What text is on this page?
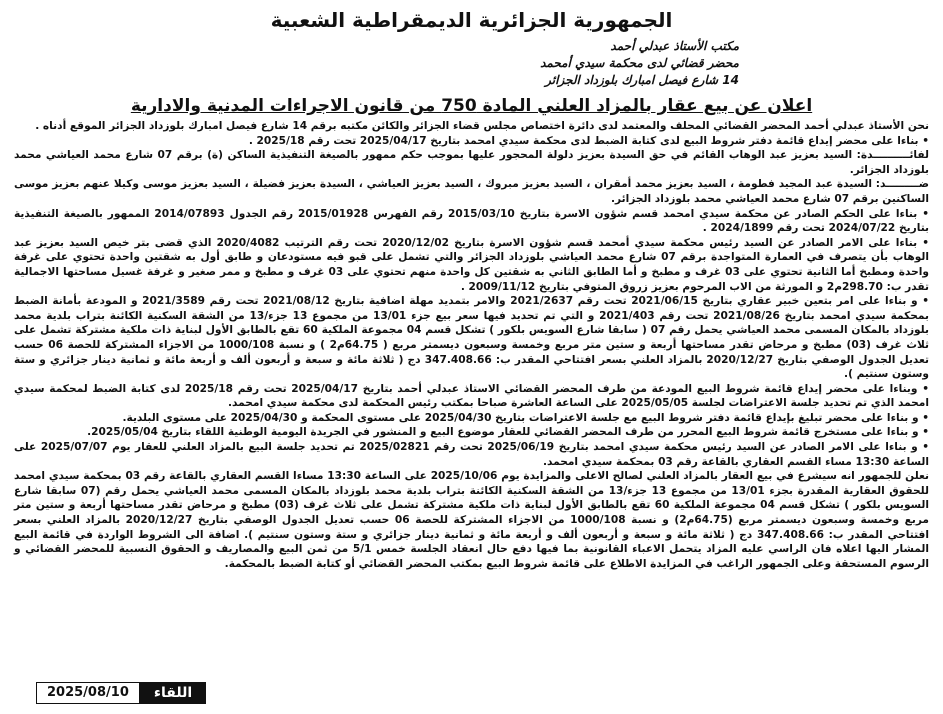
الجمهورية الجزائرية الديمقراطية الشعبية
مكتب الأستاذ عبدلي أحمد
محضر قضائي لدى محكمة سيدي أمحمد
14 شارع فيصل امبارك بلوزداد الجزائر
اعلان عن بيع عقار بالمزاد العلني المادة 750 من قانون الاجراءات المدنية والادارية

نحن الأستاذ عبدلي أحمد المحضر القضائي المحلف والمعتمد لدى دائرة اختصاص مجلس قضاء الجزائر والكائن مكتبه برقم 14 شارع فيصل امبارك بلوزداد الجزائر الموقع أدناه .

• بناءا على محضر إيداع قائمة دفتر شروط البيع لدى كتابة الضبط لدى محكمة سيدي امحمد بتاريخ 2025/04/17 تحت رقم 2025/18 .

لفائــــــــــدة: السيد بعزيز عبد الوهاب القائم في حق السيدة بعزيز دلولة المحجور عليها بموجب حكم ممهور بالصيغة التنفيذية الساكن (ة) برقم 07 شارع محمد العياشي محمد بلوزداد الجزائر.

ضـــــــــد: السيدة عبد المجيد فطومة ، السيد بعزيز محمد أمقران ، السيد بعزيز مبروك ، السيد بعزيز العياشي ، السيدة بعزيز فضيلة ، السيد بعزيز موسى وكيلا عنهم بعزيز موسى الساكنين برقم 07 شارع محمد العياشي محمد بلوزداد الجزائر.

• بناءا على الحكم الصادر عن محكمة سيدي امحمد قسم شؤون الاسرة بتاريخ 2015/03/10 رقم الفهرس 2015/01928 رقم الجدول 2014/07893 الممهور بالصيغة التنفيذية بتاريخ 2024/07/22 تحت رقم 2024/1899 .

• بناءا على الامر الصادر عن السيد رئيس محكمة سيدي أمحمد قسم شؤون الاسرة بتاريخ 2020/12/02 تحت رقم الترتيب 2020/4082 الذي قضى بتر خيص السيد بعزيز عبد الوهاب بأن يتصرف في العمارة المتواجدة برقم 07 شارع محمد العياشي بلوزداد الجزائر والتي تشمل على قبو فيه مستودعان و طابق أول به شقتين واحدة تحتوي على غرفة واحدة ومطبخ أما الثانية تحتوي على 03 غرف و مطبخ و أما الطابق الثاني به شقتين كل واحدة منهم تحتوي على 03 غرف و مطبخ و ممر صغير و غرفة غسيل مساحتها الاجمالية تقدر ب: 298.70م2 و المورثة من الاب المرحوم بعزيز زروق المتوفي بتاريخ 2009/11/12 .

• و بناءا على امر بتعين خبير عقاري بتاريخ 2021/06/15 تحت رقم 2021/2637 والامر بتمديد مهلة اضافية بتاريخ 2021/08/12 تحت رقم 2021/3589 و المودعة بأمانة الضبط بمحكمة سيدي امحمد بتاريخ 2021/08/26 تحت رقم 2021/403 و التي تم تحديد فيها سعر بيع جزء 13/01 من مجموع 13 جزء/13 من الشقة السكنية الكائنة بتراب بلدية محمد بلوزداد بالمكان المسمى محمد العياشي يحمل رقم 07 ( سابقا شارع السويس بلكور ) تشكل قسم 04 مجموعة الملكية 60 تقع بالطابق الأول لبناية ذات ملكية مشتركة تشمل على ثلاث غرف (03) مطبخ و مرحاض تقدر مساحتها أربعة و ستين متر مربع وخمسة وسبعون ديسمتر مربع ( 64.75م2 ) و نسبة 1000/108 من الاجزاء المشتركة للحصة 06 حسب تعديل الجدول الوصفي بتاريخ 2020/12/27 بالمزاد العلني بسعر افتتاحي المقدر ب: 347.408.66 دج ( ثلاثة مائة و سبعة و أربعون ألف و أربعة مائة و ثمانية دينار جزائري و ستة وستون سنتيم ).

• وبناءا على محضر إيداع قائمة شروط البيع المودعة من طرف المحضر القضائي الاستاذ عبدلي أحمد بتاريخ 2025/04/17 تحت رقم 2025/18 لدى كتابة الضبط لمحكمة سيدي امحمد الذي تم تحديد جلسة الاعتراضات لجلسة 2025/05/05 على الساعة العاشرة صباحا بمكتب رئيس المحكمة لدى محكمة سيدي امحمد.

• و بناءا على محضر تبليغ بإيداع قائمة دفتر شروط البيع مع جلسة الاعتراضات بتاريخ 2025/04/30 على مستوى المحكمة و 2025/04/30 على مستوى البلدية.

• و بناءا على مستخرج قائمة شروط البيع المحرر من طرف المحضر القضائي للعقار موضوع البيع و المنشور في الجريدة اليومية الوطنية اللقاء بتاريخ 2025/05/04.

• و بناءا على الامر الصادر عن السيد رئيس محكمة سيدي امحمد بتاريخ 2025/06/19 تحت رقم 2025/02821 تم تحديد جلسة البيع بالمزاد العلني للعقار يوم 2025/07/07 على الساعة 13:30 مساء القسم العقاري بالقاعة رقم 03 بمحكمة سيدي امحمد.

نعلن للجمهور انه سيشرع في بيع العقار بالمزاد العلني لصالح الاعلى والمزايدة يوم 2025/10/06 على الساعة 13:30 مساءا القسم العقاري بالقاعة رقم 03 بمحكمة سيدي امحمد للحقوق العقارية المقدرة بجزء 13/01 من مجموع 13 جزء/13 من الشقة السكنية الكائنة بتراب بلدية محمد بلوزداد بالمكان المسمى محمد العياشي يحمل رقم (07 سابقا شارع السويس بلكور ) تشكل قسم 04 مجموعة الملكية 60 تقع بالطابق الأول لبناية ذات ملكية مشتركة تشمل على ثلاث غرف (03) مطبخ و مرحاض تقدر مساحتها أربعة و ستين متر مربع وخمسة وسبعون ديسمتر مربع (64.75م2) و نسبة 1000/108 من الاجزاء المشتركة للحصة 06 حسب تعديل الجدول الوصفي بتاريخ 2020/12/27 بالمزاد العلني بسعر افتتاحي المقدر ب: 347.408.66 دج ( ثلاثة مائة و سبعة و أربعون ألف و أربعة مائة و ثمانية دينار جزائري و ستة وستون سنتيم ). اضافة الى الشروط الواردة في قائمة البيع المشار اليها اعلاه فان الراسي عليه المزاد يتحمل الاعباء القانونية بما فيها دفع حال انعقاد الجلسة خمس 5/1 من ثمن البيع والمصاريف و الحقوق النسبية للمحضر القضائي و الرسوم المستحقة وعلى الجمهور الراغب في المزايدة الاطلاع على قائمة شروط البيع بمكتب المحضر القضائي أو كتابة الضبط بالمحكمة.

2025/08/10	اللقاء
